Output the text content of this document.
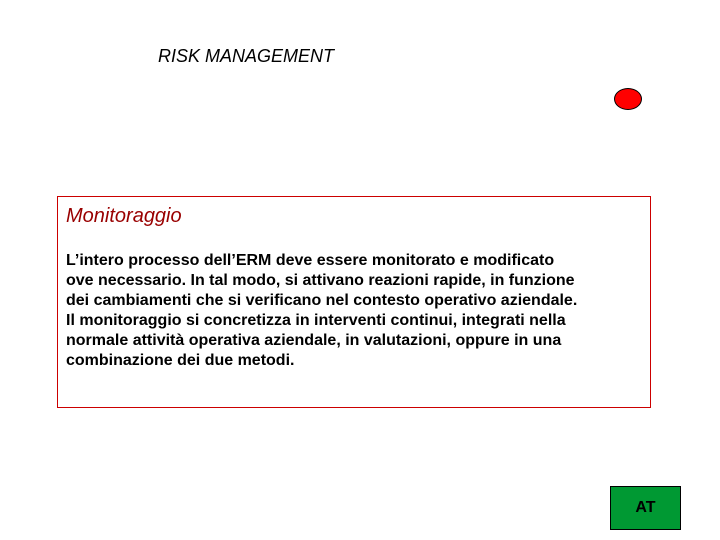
RISK MANAGEMENT
Monitoraggio
L’intero processo dell’ERM deve essere monitorato e modificato
ove necessario. In tal modo, si attivano reazioni rapide, in funzione
dei cambiamenti che si verificano nel contesto operativo aziendale.
Il monitoraggio si concretizza in interventi continui, integrati nella
normale attività operativa aziendale, in valutazioni, oppure in una
combinazione dei due metodi.
AT
